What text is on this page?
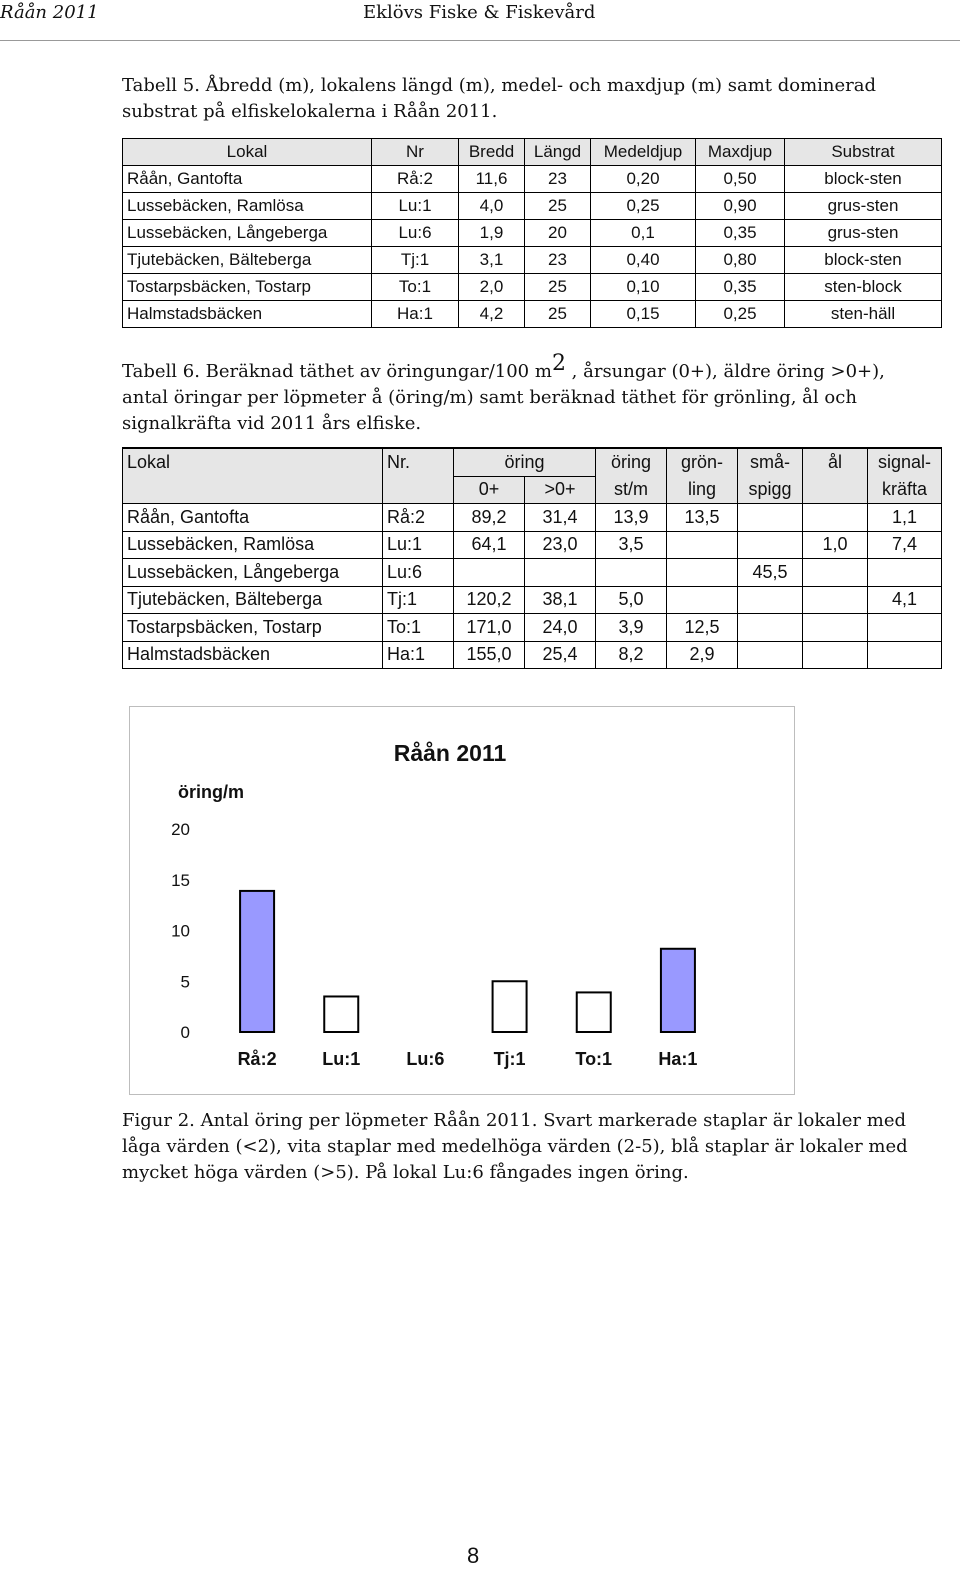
Råån 2011	Eklövs Fiske & Fiskevård
Tabell 5. Åbredd (m), lokalens längd (m), medel- och maxdjup (m) samt dominerad substrat på elfiskelokalerna i Råån 2011.
Lokal	Nr	Bredd	Längd	Medeldjup	Maxdjup	Substrat
Råån, Gantofta	Rå:2	11,6	23	0,20	0,50	block-sten
Lussebäcken, Ramlösa	Lu:1	4,0	25	0,25	0,90	grus-sten
Lussebäcken, Långeberga	Lu:6	1,9	20	0,1	0,35	grus-sten
Tjutebäcken, Bälteberga	Tj:1	3,1	23	0,40	0,80	block-sten
Tostarpsbäcken, Tostarp	To:1	2,0	25	0,10	0,35	sten-block
Halmstadsbäcken	Ha:1	4,2	25	0,15	0,25	sten-häll
Tabell 6. Beräknad täthet av öringungar/100 $m^2$ , årsungar (0+), äldre öring >0+), antal öringar per löpmeter å (öring/m) samt beräknad täthet för grönling, ål och signalkräfta vid 2011 års elfiske.
Lokal	Nr.	öring		öring	grön-	små-	ål	signal-
		0+	>0+	st/m	ling	spigg		kräfta
Råån, Gantofta	Rå:2	89,2	31,4	13,9	13,5			1,1
Lussebäcken, Ramlösa	Lu:1	64,1	23,0	3,5			1,0	7,4
Lussebäcken, Långeberga	Lu:6					45,5		
Tjutebäcken, Bälteberga	Tj:1	120,2	38,1	5,0				4,1
Tostarpsbäcken, Tostarp	To:1	171,0	24,0	3,9	12,5			
Halmstadsbäcken	Ha:1	155,0	25,4	8,2	2,9			
Råån 2011
öring/m
0
5
10
15
20
Rå:2	Lu:1	Lu:6	Tj:1	To:1	Ha:1
Figur 2. Antal öring per löpmeter Råån 2011. Svart markerade staplar är lokaler med låga värden (<2), vita staplar med medelhöga värden (2-5), blå staplar är lokaler med mycket höga värden (>5). På lokal Lu:6 fångades ingen öring.
8
